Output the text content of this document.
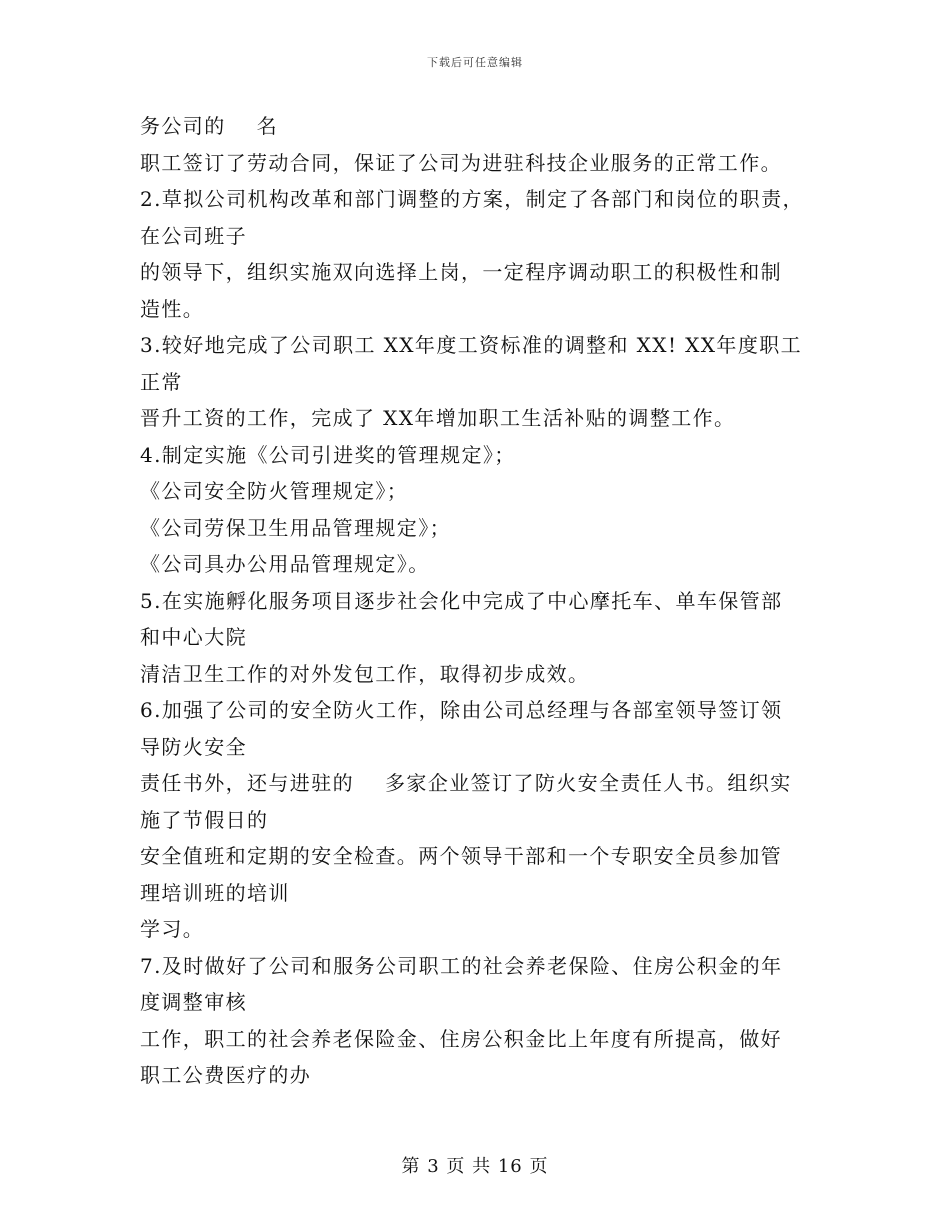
下载后可任意编辑
务公司的    名
职工签订了劳动合同，保证了公司为进驻科技企业服务的正常工作。
2.草拟公司机构改革和部门调整的方案，制定了各部门和岗位的职责，
在公司班子
的领导下，组织实施双向选择上岗，一定程序调动职工的积极性和制
造性。
3.较好地完成了公司职工 XX年度工资标准的调整和 XX! XX年度职工
正常
晋升工资的工作，完成了 XX年增加职工生活补贴的调整工作。
4.制定实施《公司引进奖的管理规定》；
《公司安全防火管理规定》；
《公司劳保卫生用品管理规定》；
《公司具办公用品管理规定》。
5.在实施孵化服务项目逐步社会化中完成了中心摩托车、单车保管部
和中心大院
清洁卫生工作的对外发包工作，取得初步成效。
6.加强了公司的安全防火工作，除由公司总经理与各部室领导签订领
导防火安全
责任书外，还与进驻的    多家企业签订了防火安全责任人书。组织实
施了节假日的
安全值班和定期的安全检查。两个领导干部和一个专职安全员参加管
理培训班的培训
学习。
7.及时做好了公司和服务公司职工的社会养老保险、住房公积金的年
度调整审核
工作，职工的社会养老保险金、住房公积金比上年度有所提高，做好
职工公费医疗的办
第 3 页 共 16 页
